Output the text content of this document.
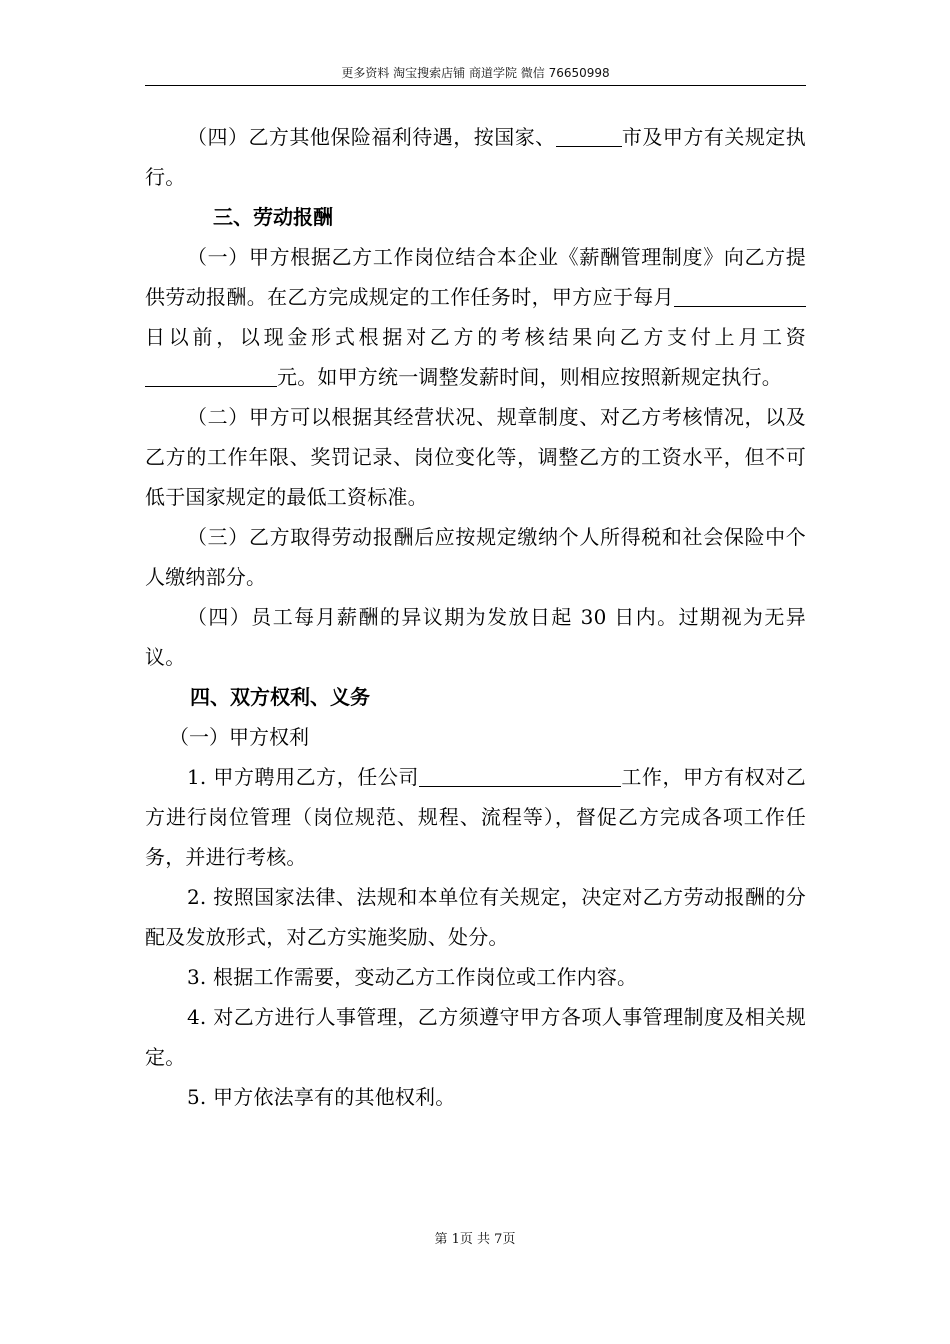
更多资料 淘宝搜索店铺 商道学院 微信 76650998

（四）乙方其他保险福利待遇，按国家、	市及甲方有关规定执行。

三、劳动报酬

（一）甲方根据乙方工作岗位结合本企业《薪酬管理制度》向乙方提供劳动报酬。在乙方完成规定的工作任务时，甲方应于每月日以前，以现金形式根据对乙方的考核结果向乙方支付上月工资元。如甲方统一调整发薪时间，则相应按照新规定执行。

（二）甲方可以根据其经营状况、规章制度、对乙方考核情况，以及乙方的工作年限、奖罚记录、岗位变化等，调整乙方的工资水平，但不可低于国家规定的最低工资标准。

（三）乙方取得劳动报酬后应按规定缴纳个人所得税和社会保险中个人缴纳部分。

（四）员工每月薪酬的异议期为发放日起 30 日内。过期视为无异议。

四、双方权利、义务

（一）甲方权利

1. 甲方聘用乙方，任公司	工作，甲方有权对乙方进行岗位管理（岗位规范、规程、流程等），督促乙方完成各项工作任务，并进行考核。

2. 按照国家法律、法规和本单位有关规定，决定对乙方劳动报酬的分配及发放形式，对乙方实施奖励、处分。

3. 根据工作需要，变动乙方工作岗位或工作内容。

4. 对乙方进行人事管理，乙方须遵守甲方各项人事管理制度及相关规定。

5. 甲方依法享有的其他权利。

第 1页 共 7页
